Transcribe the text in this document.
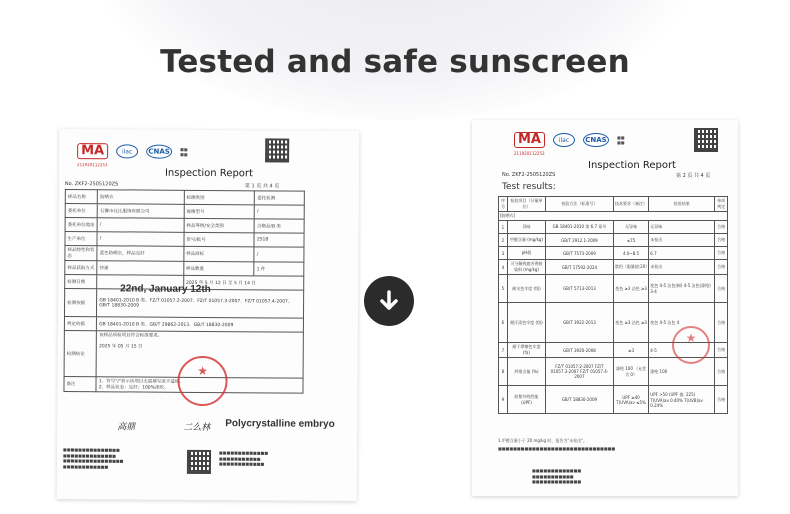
Tested and safe sunscreen
MA	ilac	CNAS	■■
■■
211920112253
Inspection Report
No. ZKF2-2505120ZS	第 1 页 共 4 页
样品名称	防晒衣	检测类别	委托检测
委托单位	石狮市比比服饰有限公司	规格型号	/
委托单位地址	/	样品等级/安全类别	合格品/B 类
生产单位	/	货号/批号	2518
样品特性和状态	蓝色防晒衣，样品完好	样品商标	/
样品获取方式	快递	样品数量	1 件
检测日期		2025 年 5 月 12 日 至 5 月 14 日	
检测依据	GB 18401-2010 B 类、FZ/T 01057.2-2007、FZ/T 01057.3-2007、FZ/T 01057.4-2007、GB/T 18830-2009		
判定依据	GB 18401-2010 B 类、GB/T 29862-2013、GB/T 18830-2009		
检测结论	该样品所检项目符合标准要求。

2025 年 05 月 15 日		
备注	1、符号"/"表示该项目无需填写或不适用。
2、样品状态：完好；100%涤纶。		
22nd, January 12th
★
高鼎	二么林 Polycrystalline embryo
■■■■■■■■■■■■■■■
■■■■■■■■■■■■■■
■■■■■■■■■■■■■■■■
■■■■■■■■■■■■
■■■■■■■■■■■■■
■■■■■■■■■■■
■■■■■■■■■■■■
MA	ilac	CNAS	■■
■■
211920112253
Inspection Report
No. ZKF2-2505120ZS	第 2 页 共 4 页
Test results:
序号	检验项目（计量单位）	检验方法（标准号）	技术要求（备注）	检验结果	单项判定
[防晒衣]					
1	异味	GB 18401-2010 第 6.7 章节	无异味	无异味	合格
2	甲醛含量 (mg/kg)	GB/T 2912.1-2009	≤75	未检出	合格
3	pH值	GB/T 7573-2009	4.0~8.5	6.7	合格
4	可分解致癌芳香胺染料 (mg/kg)	GB/T 17592-2024	禁用（限量值:20）	未检出	合格
5	耐水色牢度 (级)	GB/T 5713-2013	变色 ≥3 沾色 ≥3	变色 4-5 沾色(棉) 4-5 沾色(涤纶) 3-4	合格
6	耐汗渍色牢度 (级)	GB/T 3922-2013	变色 ≥3 沾色 ≥3	变色 4-5 沾色 4	合格
7	耐干摩擦色牢度 (级)	GB/T 3920-2008	≥3	4-5	合格
8	纤维含量 (%)	FZ/T 01057.2-2007 FZ/T 01057.3-2007 FZ/T 01057.4-2007	涤纶 100 （允差为 0）	涤纶 100	合格
9	防紫外线性能 (UPF)	GB/T 18830-2009	UPF ≥40 T(UVA)av ≤5%	UPF >50 (UPF 值: 225) T(UVA)av 0.40% T(UVB)av 0.24%	合格
★
1.甲醛含量小于 20 mg/kg 时，报告为"未检出"。
■■■■■■■■■■■■■■■■■■■■■■■■■■■■■■■
■■■■■■■■■■■■■
■■■■■■■■■■■
■■■■■■■■■■■■■
